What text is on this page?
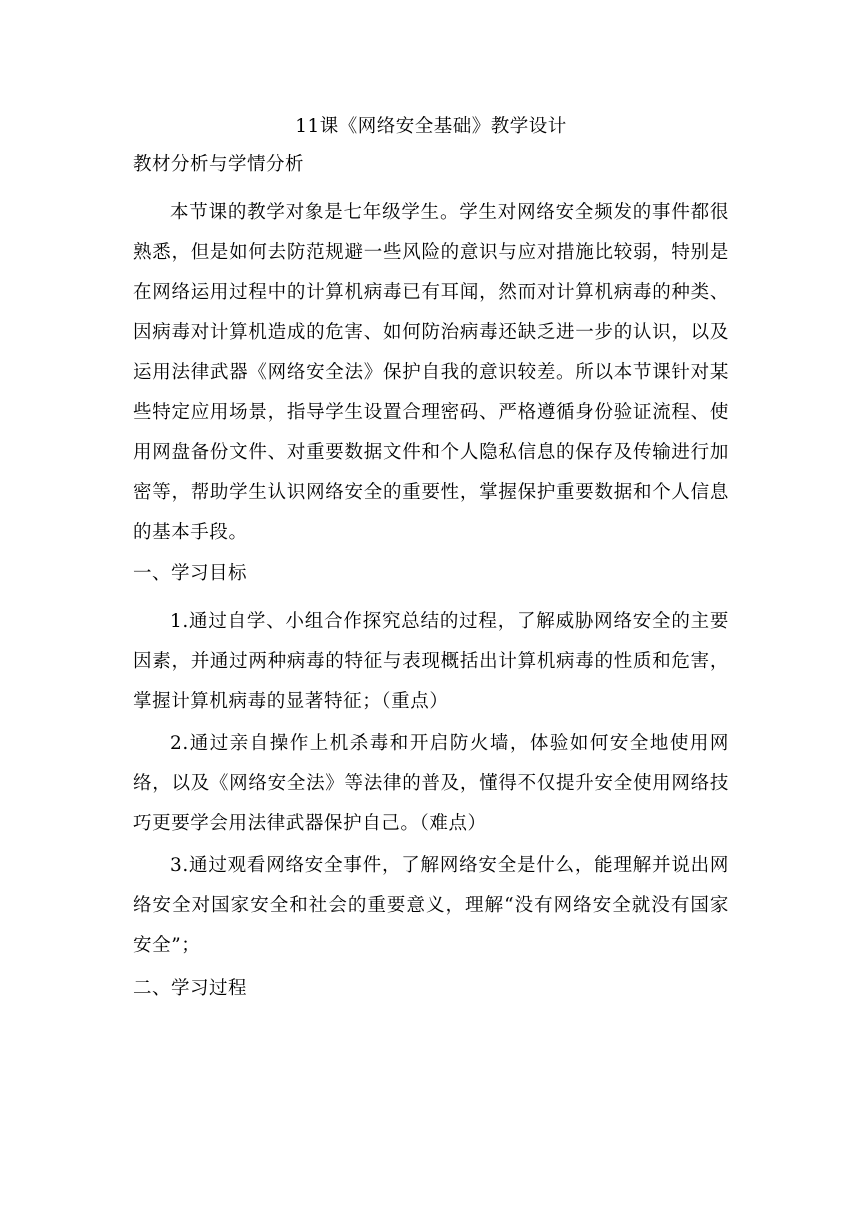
11课《网络安全基础》教学设计

教材分析与学情分析

本节课的教学对象是七年级学生。学生对网络安全频发的事件都很熟悉，但是如何去防范规避一些风险的意识与应对措施比较弱，特别是在网络运用过程中的计算机病毒已有耳闻，然而对计算机病毒的种类、因病毒对计算机造成的危害、如何防治病毒还缺乏进一步的认识，以及运用法律武器《网络安全法》保护自我的意识较差。所以本节课针对某些特定应用场景，指导学生设置合理密码、严格遵循身份验证流程、使用网盘备份文件、对重要数据文件和个人隐私信息的保存及传输进行加密等，帮助学生认识网络安全的重要性，掌握保护重要数据和个人信息的基本手段。

一、学习目标

1.通过自学、小组合作探究总结的过程，了解威胁网络安全的主要因素，并通过两种病毒的特征与表现概括出计算机病毒的性质和危害，掌握计算机病毒的显著特征；（重点）

2.通过亲自操作上机杀毒和开启防火墙，体验如何安全地使用网络，以及《网络安全法》等法律的普及，懂得不仅提升安全使用网络技巧更要学会用法律武器保护自己。（难点）

3.通过观看网络安全事件，了解网络安全是什么，能理解并说出网络安全对国家安全和社会的重要意义，理解“没有网络安全就没有国家安全”；

二、学习过程
